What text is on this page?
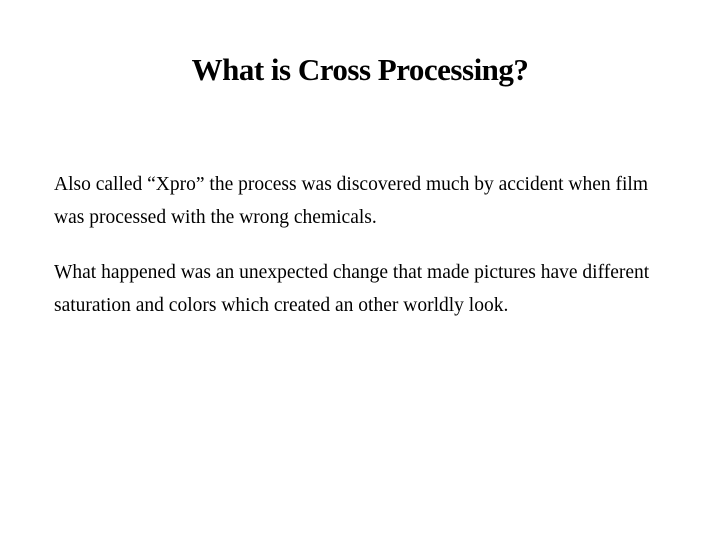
What is Cross Processing?

Also called “Xpro” the process was discovered much by accident when film was processed with the wrong chemicals.

What happened was an unexpected change that made pictures have different saturation and colors which created an other worldly look.
